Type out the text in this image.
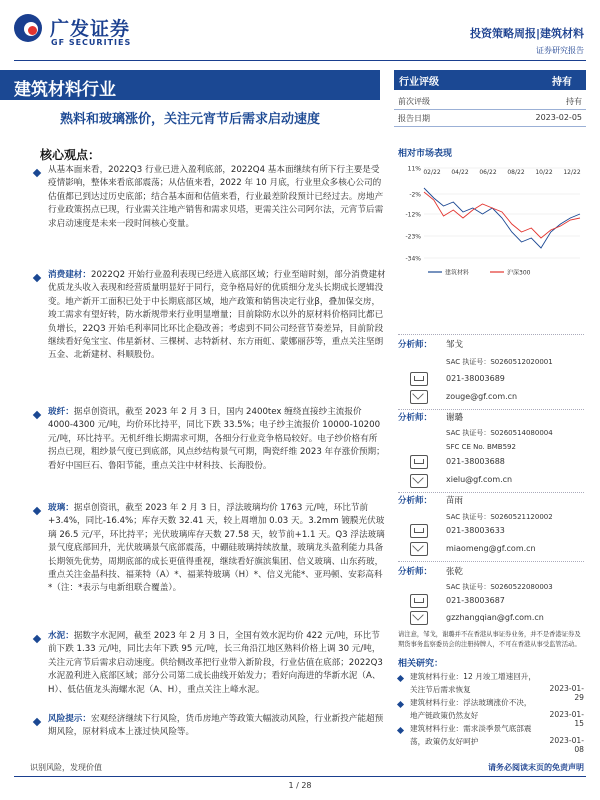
广发证券
GF SECURITIES
投资策略周报|建筑材料
证券研究报告
建筑材料行业
熟料和玻璃涨价，关注元宵节后需求启动速度
核心观点：
从基本面来看，2022Q3 行业已进入盈利底部，2022Q4 基本面继续有所下行主要是受疫情影响，整体来看底部震荡；从估值来看，2022 年 10 月底，行业里众多核心公司的估值都已到达过历史底部；结合基本面和估值来看，行业最差阶段预计已经过去。房地产行业政策拐点已现，行业需关注地产销售和需求贝塔，更需关注公司阿尔法，元宵节后需求启动速度是未来一段时间核心变量。
消费建材：2022Q2 开始行业盈利表现已经进入底部区域；行业至暗时刻，部分消费建材优质龙头收入表现和经营质量明显好于同行，竞争格局好的优质细分龙头长期成长逻辑没变。地产新开工面积已处于中长期底部区域，地产政策和销售决定行业β，叠加保交房，竣工需求有望好转，防水新规带来行业明显增量；目前除防水以外的原材料价格同比都已负增长，22Q3 开始毛利率同比环比企稳改善；考虑到不同公司经营节奏差异，目前阶段继续看好兔宝宝、伟星新材、三棵树、志特新材、东方雨虹、蒙娜丽莎等，重点关注坚朗五金、北新建材、科顺股份。
玻纤：据卓创资讯，截至 2023 年 2 月 3 日，国内 2400tex 缠绕直接纱主流报价 4000-4300 元/吨，均价环比持平，同比下跌 33.5%；电子纱主流报价 10000-10200 元/吨，环比持平。无机纤维长期需求可期，各细分行业竞争格局较好。电子纱价格有所拐点已现，粗纱景气度已到底部，风点纱结构景气可期，陶瓷纤维 2023 年存涨价预期；看好中国巨石、鲁阳节能，重点关注中材科技、长海股份。
玻璃：据卓创资讯，截至 2023 年 2 月 3 日，浮法玻璃均价 1763 元/吨，环比节前+3.4%，同比-16.4%；库存天数 32.41 天，较上周增加 0.03 天。3.2mm 镀膜光伏玻璃 26.5 元/平，环比持平；光伏玻璃库存天数 27.58 天，较节前+1.1 天。Q3 浮法玻璃景气度底部回升，光伏玻璃景气底部震荡，中硼硅玻璃持续放量，玻璃龙头盈利能力具备长期领先优势，周期底部的成长更值得重视，继续看好旗滨集团、信义玻璃、山东药玻，重点关注金晶科技、福莱特（A）*、福莱特玻璃（H）*、信义光能*、亚玛顿、安彩高科*（注：*表示与电新组联合覆盖）。
水泥：据数字水泥网，截至 2023 年 2 月 3 日，全国有效水泥均价 422 元/吨，环比节前下跌 1.33 元/吨，同比去年下跌 95 元/吨，长三角沿江地区熟料价格上调 30 元/吨，关注元宵节后需求启动速度。供给侧改革把行业带入新阶段，行业估值在底部；2022Q3 水泥盈利进入底部区域；部分公司第二成长曲线开始发力；看好向海进的华新水泥（A、H）、低估值龙头海螺水泥（A、H），重点关注上峰水泥。
风险提示：宏观经济继续下行风险，货币房地产等政策大幅波动风险，行业新投产能超预期风险，原材料成本上涨过快风险等。
行业评级	持有
前次评级	持有
报告日期	2023-02-05
相对市场表现
11%
-2%
-12%
-23%
-34%
02/22 04/22 06/22 08/22 10/22 12/22
建筑材料	沪深300
分析师： 邹戈
SAC 执证号：S0260512020001
021-38003689
zouge@gf.com.cn
分析师： 谢璐
SAC 执证号：S0260514080004
SFC CE No. BMB592
021-38003688
xielu@gf.com.cn
分析师： 苗雨
SAC 执证号：S0260521120002
021-38003633
miaomeng@gf.com.cn
分析师： 张乾
SAC 执证号：S0260522080003
021-38003687
gzzhangqian@gf.com.cn
请注意，邹戈，谢璐并不在香港从事证券业务，并不是香港证券及期货事务监察委员会的注册持牌人，不可在香港从事受监管活动。
相关研究：
建筑材料行业：12 月竣工增速回升，关注节后需求恢复	2023-01-29
建筑材料行业：浮法玻璃涨价不决，地产链政策仍然友好	2023-01-15
建筑材料行业：需求淡季景气底部震荡，政策仍友好呵护	2023-01-08
识别风险，发现价值	请务必阅读末页的免责声明
1 / 28
